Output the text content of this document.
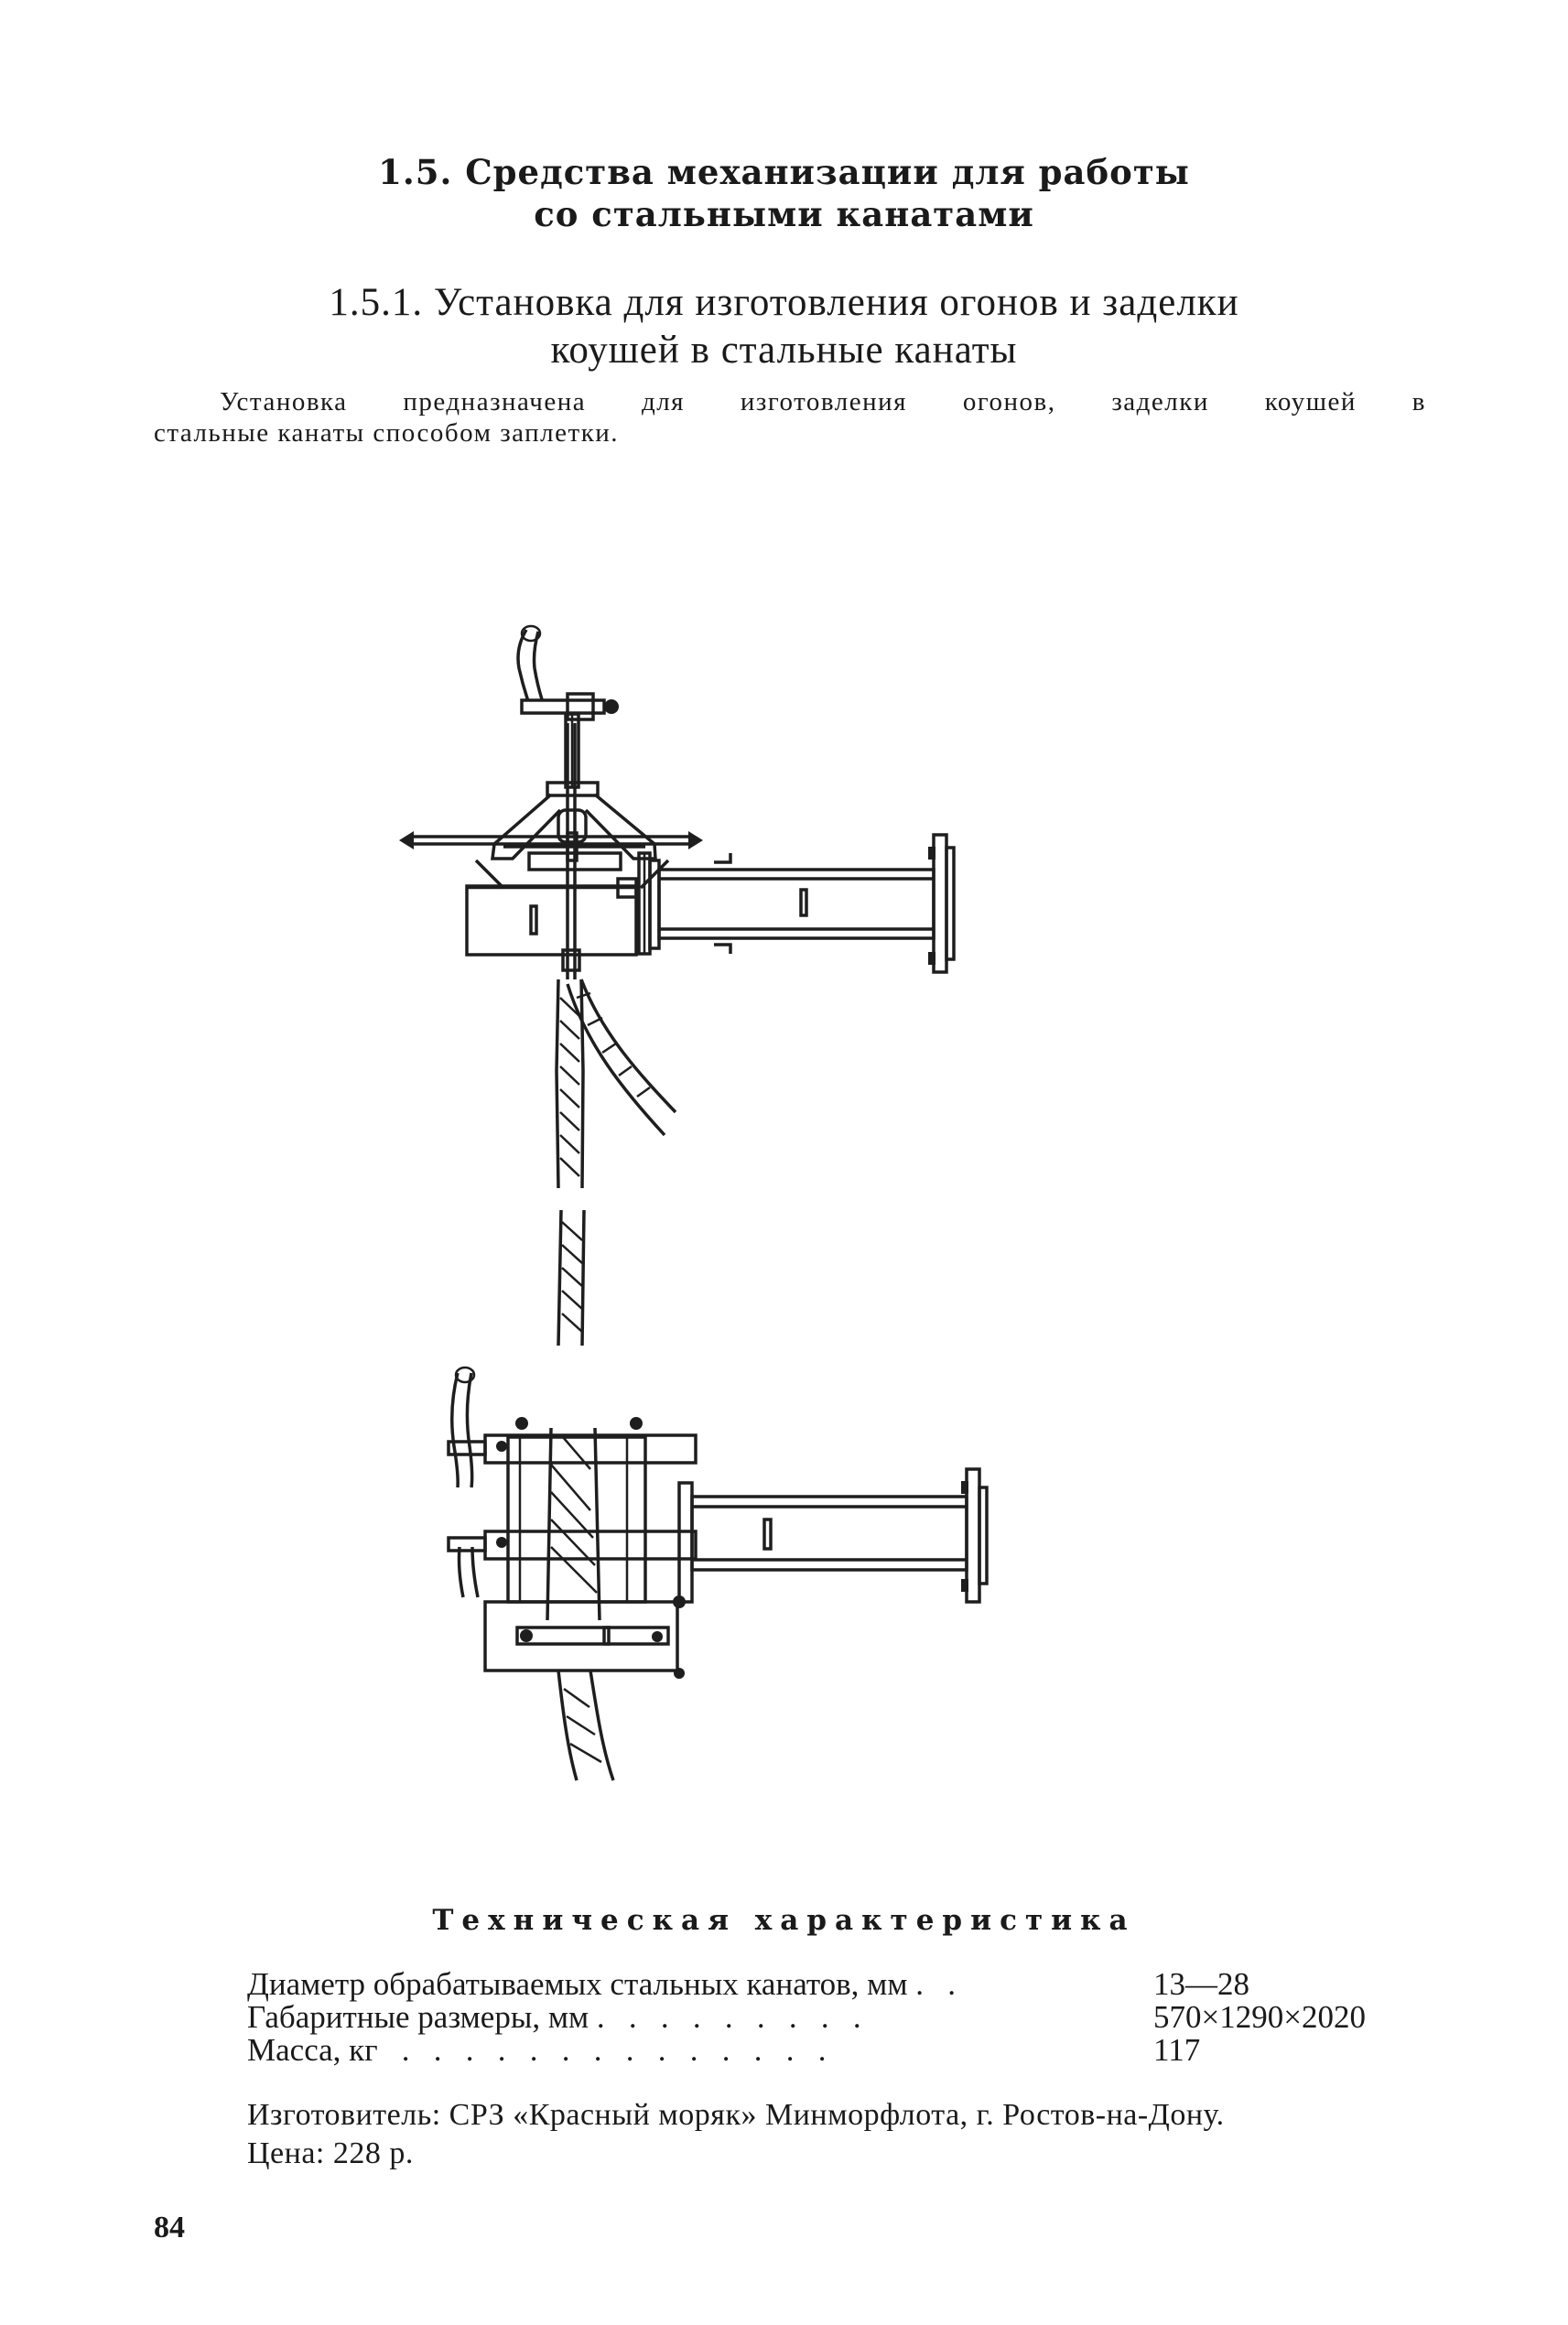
1.5. Средства механизации для работы
со стальными канатами
1.5.1. Установка для изготовления огонов и заделки
коушей в стальные канаты
Установка предназначена для изготовления огонов, заделки коушей в
стальные канаты способом заплетки.
Техническая характеристика
Диаметр обрабатываемых стальных канатов, мм .   .	13—28
Габаритные размеры, мм .   .   .   .   .   .   .   .   .	570×1290×2020
Масса, кг   .   .   .   .   .   .   .   .   .   .   .   .   .   .	117
Изготовитель: СРЗ «Красный моряк» Минморфлота, г. Ростов-на-Дону.
Цена: 228 р.
84
